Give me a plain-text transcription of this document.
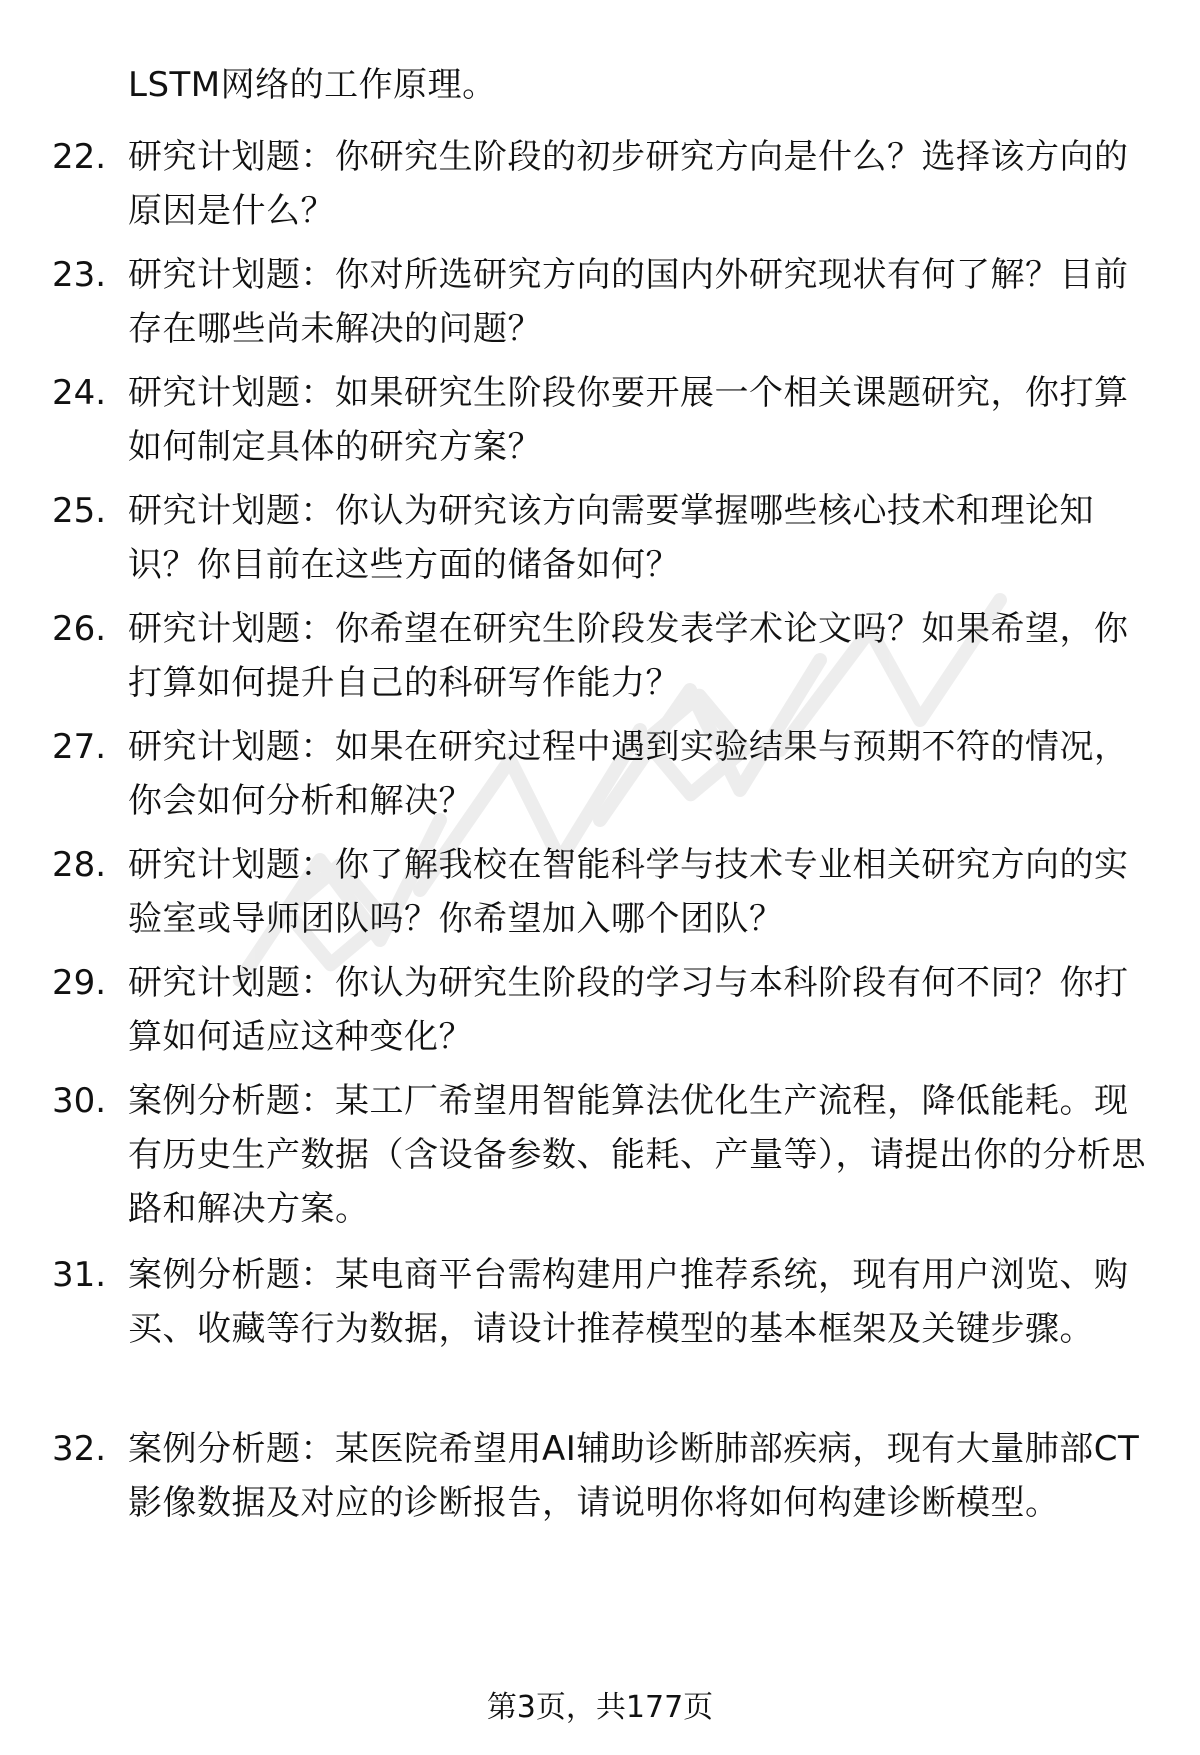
LSTM网络的工作原理。
22. 研究计划题：你研究生阶段的初步研究方向是什么？选择该方向的原因是什么？
23. 研究计划题：你对所选研究方向的国内外研究现状有何了解？目前存在哪些尚未解决的问题？
24. 研究计划题：如果研究生阶段你要开展一个相关课题研究，你打算如何制定具体的研究方案？
25. 研究计划题：你认为研究该方向需要掌握哪些核心技术和理论知识？你目前在这些方面的储备如何？
26. 研究计划题：你希望在研究生阶段发表学术论文吗？如果希望，你打算如何提升自己的科研写作能力？
27. 研究计划题：如果在研究过程中遇到实验结果与预期不符的情况，你会如何分析和解决？
28. 研究计划题：你了解我校在智能科学与技术专业相关研究方向的实验室或导师团队吗？你希望加入哪个团队？
29. 研究计划题：你认为研究生阶段的学习与本科阶段有何不同？你打算如何适应这种变化？
30. 案例分析题：某工厂希望用智能算法优化生产流程，降低能耗。现有历史生产数据（含设备参数、能耗、产量等），请提出你的分析思路和解决方案。
31. 案例分析题：某电商平台需构建用户推荐系统，现有用户浏览、购买、收藏等行为数据，请设计推荐模型的基本框架及关键步骤。
32. 案例分析题：某医院希望用AI辅助诊断肺部疾病，现有大量肺部CT影像数据及对应的诊断报告，请说明你将如何构建诊断模型。
第3页，共177页
